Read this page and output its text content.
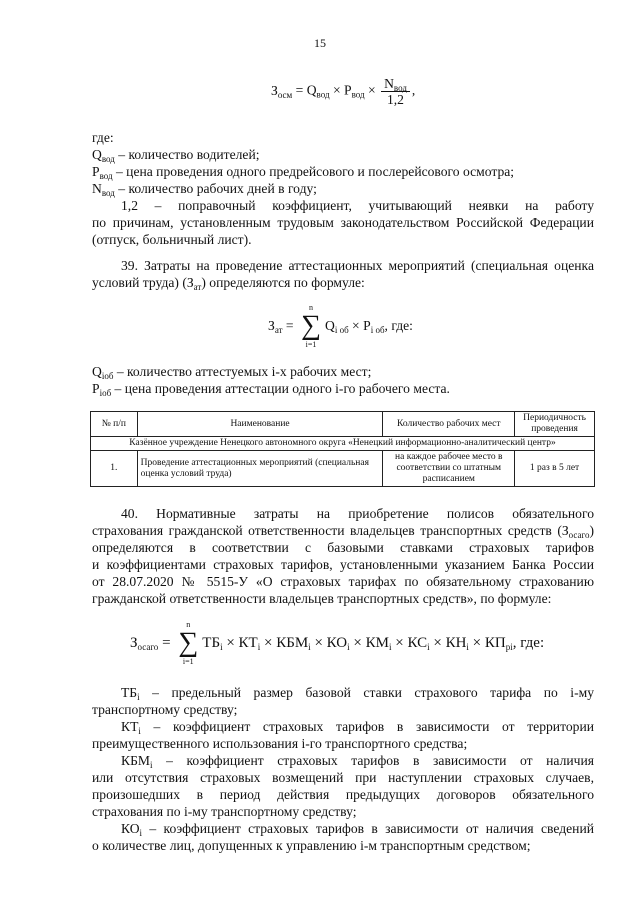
15
$З_{осм} = Q_{вод} \times P_{вод} \times \frac{N_{вод}}{1,2}$ ,
где:
$Q_{вод}$ – количество водителей;
$P_{вод}$ – цена проведения одного предрейсового и послерейсового осмотра;
$N_{вод}$ – количество рабочих дней в году;
1,2 – поправочный коэффициент, учитывающий неявки на работу
по причинам, установленным трудовым законодательством Российской Федерации
(отпуск, больничный лист).
39. Затраты на проведение аттестационных мероприятий (специальная оценка
условий труда) $(З_{ат})$ определяются по формуле:
$З_{ат}$ =
n
∑
i=1
$Q_{i об} \times P_{i об}$, где:
$Q_{iоб}$ – количество аттестуемых i-х рабочих мест;
$P_{iоб}$ – цена проведения аттестации одного i-го рабочего места.
№ п/п	Наименование	Количество рабочих мест	Периодичность проведения
Казённое учреждение Ненецкого автономного округа «Ненецкий информационно-аналитический центр»			
1.	Проведение аттестационных мероприятий (специальная оценка условий труда)	на каждое рабочее место в соответствии со штатным расписанием	1 раз в 5 лет
40. Нормативные затраты на приобретение полисов обязательного
страхования гражданской ответственности владельцев транспортных средств $(З_{осаго})$
определяются в соответствии с базовыми ставками страховых тарифов
и коэффициентами страховых тарифов, установленными указанием Банка России
от 28.07.2020 № 5515-У «О страховых тарифах по обязательному страхованию
гражданской ответственности владельцев транспортных средств», по формуле:
$З_{осаго}$ =
n
∑
i=1
$ТБ_i \times КТ_i \times КБМ_i \times КО_i \times КМ_i \times КС_i \times КН_i \times КП_{pi}$, где:
$ТБ_i$ – предельный размер базовой ставки страхового тарифа по i-му
транспортному средству;
$КТ_i$ – коэффициент страховых тарифов в зависимости от территории
преимущественного использования i-го транспортного средства;
$КБМ_i$ – коэффициент страховых тарифов в зависимости от наличия
или отсутствия страховых возмещений при наступлении страховых случаев,
произошедших в период действия предыдущих договоров обязательного
страхования по i-му транспортному средству;
$КО_i$ – коэффициент страховых тарифов в зависимости от наличия сведений
о количестве лиц, допущенных к управлению i-м транспортным средством;
